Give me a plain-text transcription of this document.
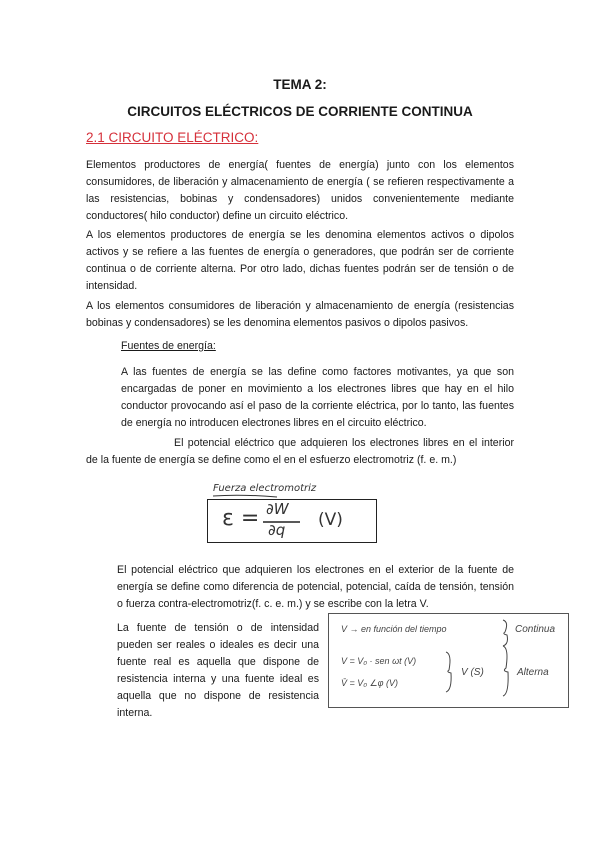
TEMA 2:
CIRCUITOS ELÉCTRICOS DE CORRIENTE CONTINUA
2.1 CIRCUITO ELÉCTRICO:

Elementos productores de energía( fuentes de energía) junto con los elementos consumidores, de liberación y almacenamiento de energía ( se refieren respectivamente a las resistencias, bobinas y condensadores) unidos convenientemente mediante conductores( hilo conductor) define un circuito eléctrico.

A los elementos productores de energía se les denomina elementos activos o dipolos activos y se refiere a las fuentes de energía o generadores, que podrán ser de corriente continua o de corriente alterna. Por otro lado, dichas fuentes podrán ser de tensión o de intensidad.

A los elementos consumidores de liberación y almacenamiento de energía (resistencias bobinas y condensadores) se les denomina elementos pasivos o dipolos pasivos.

Fuentes de energía:

A las fuentes de energía se las define como factores motivantes, ya que son encargadas de poner en movimiento a los electrones libres que hay en el hilo conductor provocando así el paso de la corriente eléctrica, por lo tanto, las fuentes de energía no introducen electrones libres en el circuito eléctrico.

El potencial eléctrico que adquieren los electrones libres en el interior de la fuente de energía se define como el en el esfuerzo electromotriz (f. e. m.)

Fuerza electromotriz
ε = ∂W
∂q (V)

El potencial eléctrico que adquieren los electrones en el exterior de la fuente de energía se define como diferencia de potencial, potencial, caída de tensión, tensión o fuerza contra-electromotriz(f. c. e. m.) y se escribe con la letra V.

La fuente de tensión o de intensidad pueden ser reales o ideales es decir una fuente real es aquella que dispone de resistencia interna y una fuente ideal es aquella que no dispone de resistencia interna.

V → en función del tiempo	Continua
V = V₀ · sen ωt (V)
V̄ = V₀ ∠φ (V)
V (S)	Alterna
